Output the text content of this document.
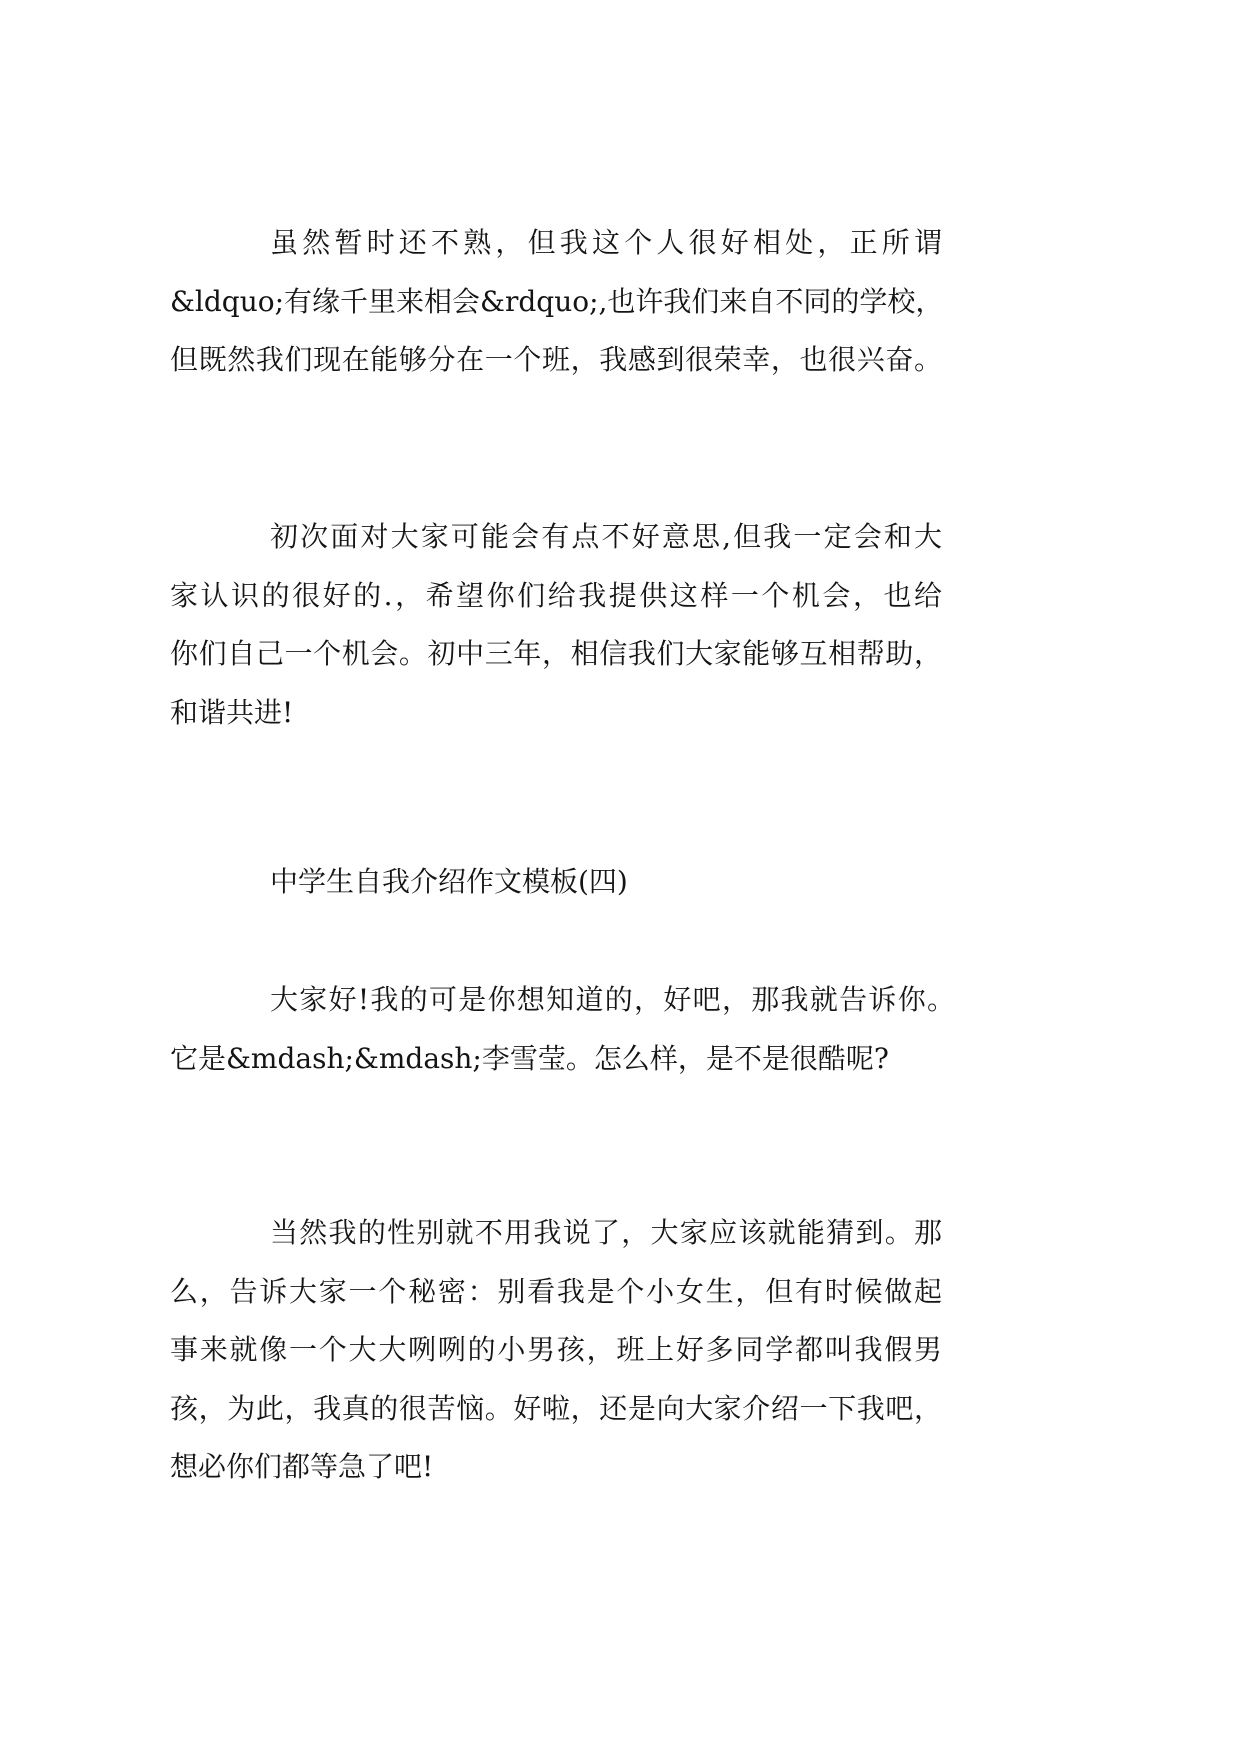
虽然暂时还不熟，但我这个人很好相处，正所谓
&ldquo;有缘千里来相会&rdquo;,也许我们来自不同的学校，
但既然我们现在能够分在一个班，我感到很荣幸，也很兴奋。
初次面对大家可能会有点不好意思,但我一定会和大
家认识的很好的.，希望你们给我提供这样一个机会，也给
你们自己一个机会。初中三年，相信我们大家能够互相帮助，
和谐共进!
中学生自我介绍作文模板(四)
大家好!我的可是你想知道的，好吧，那我就告诉你。
它是&mdash;&mdash;李雪莹。怎么样，是不是很酷呢?
当然我的性别就不用我说了，大家应该就能猜到。那
么，告诉大家一个秘密：别看我是个小女生，但有时候做起
事来就像一个大大咧咧的小男孩，班上好多同学都叫我假男
孩，为此，我真的很苦恼。好啦，还是向大家介绍一下我吧，
想必你们都等急了吧!
